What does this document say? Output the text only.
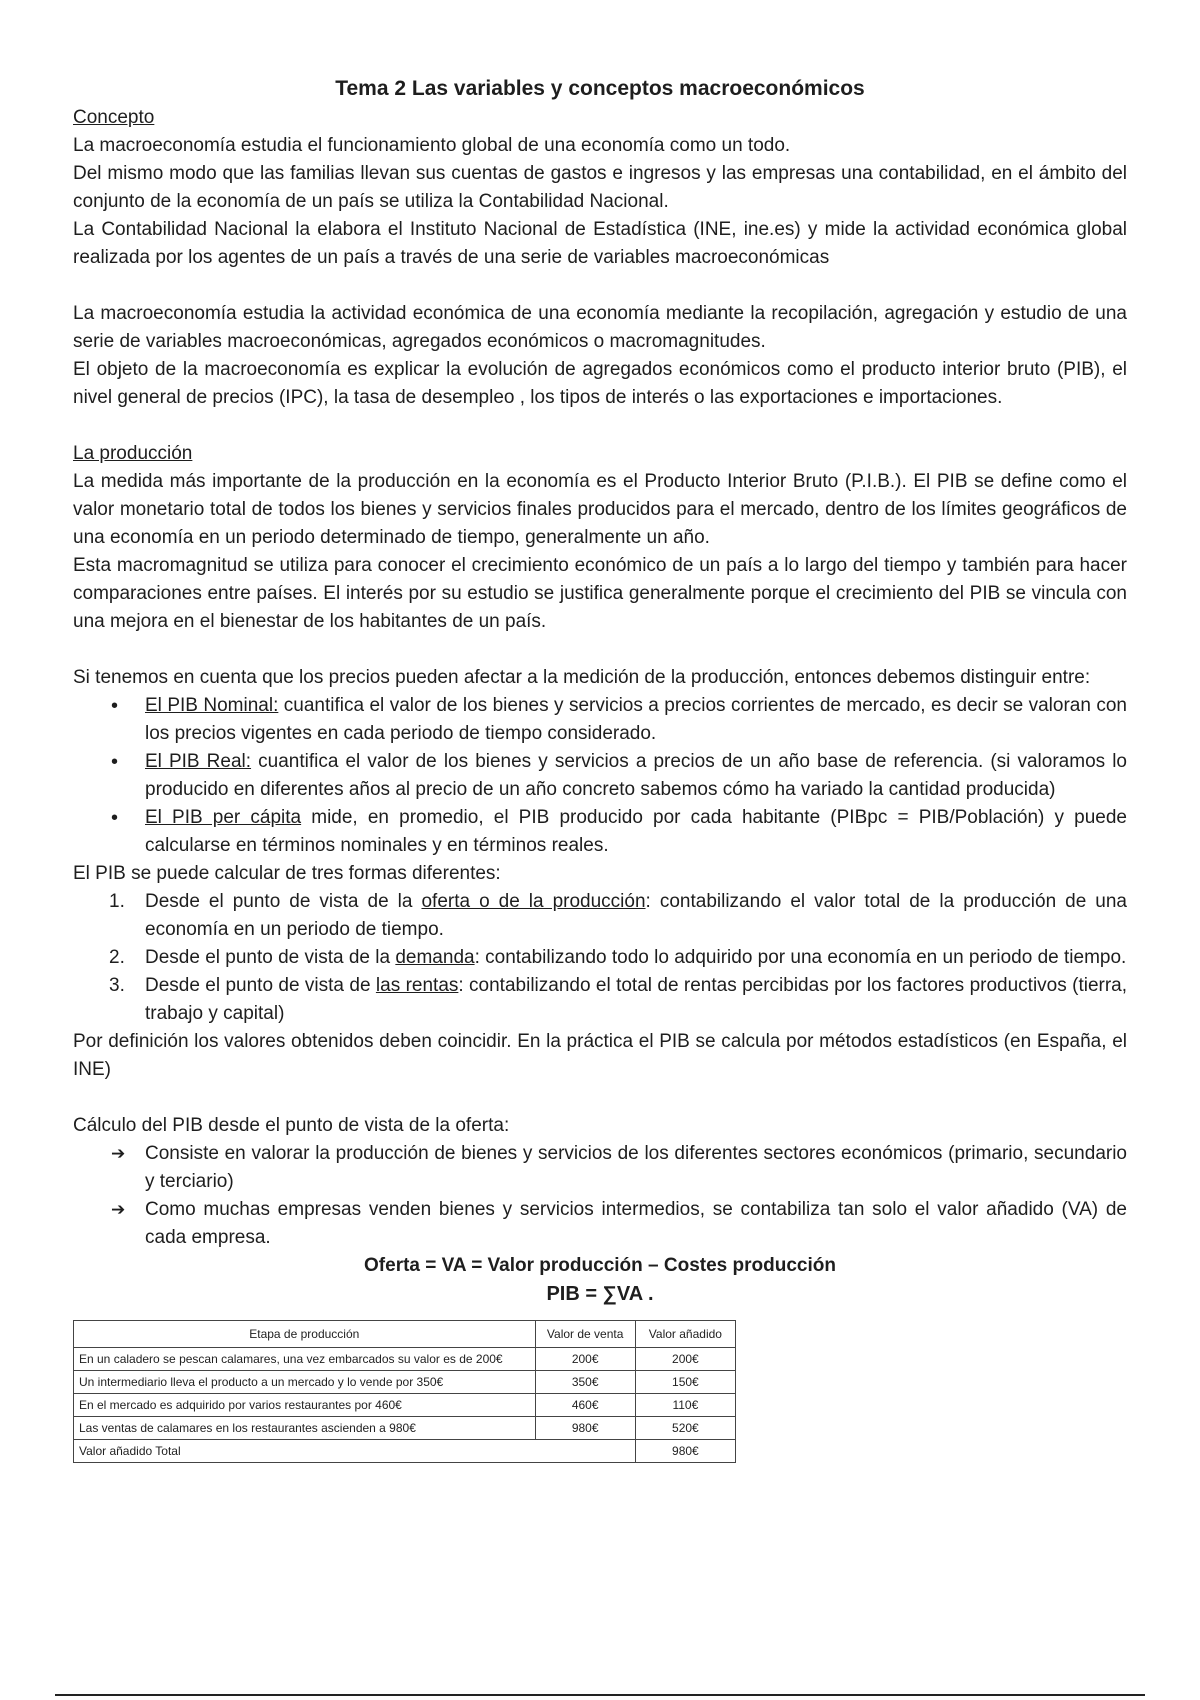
Tema 2 Las variables y conceptos macroeconómicos
Concepto

La macroeconomía estudia el funcionamiento global de una economía como un todo.

Del mismo modo que las familias llevan sus cuentas de gastos e ingresos y las empresas una contabilidad, en el ámbito del conjunto de la economía de un país se utiliza la Contabilidad Nacional.

La Contabilidad Nacional la elabora el Instituto Nacional de Estadística (INE, ine.es) y mide la actividad económica global realizada por los agentes de un país a través de una serie de variables macroeconómicas

La macroeconomía estudia la actividad económica de una economía mediante la recopilación, agregación y estudio de una serie de variables macroeconómicas, agregados económicos o macromagnitudes.

El objeto de la macroeconomía es explicar la evolución de agregados económicos como el producto interior bruto (PIB), el nivel general de precios (IPC), la tasa de desempleo , los tipos de interés o las exportaciones e importaciones.

La producción

La medida más importante de la producción en la economía es el Producto Interior Bruto (P.I.B.). El PIB se define como el valor monetario total de todos los bienes y servicios finales producidos para el mercado, dentro de los límites geográficos de una economía en un periodo determinado de tiempo, generalmente un año.

Esta macromagnitud se utiliza para conocer el crecimiento económico de un país a lo largo del tiempo y también para hacer comparaciones entre países. El interés por su estudio se justifica generalmente porque el crecimiento del PIB se vincula con una mejora en el bienestar de los habitantes de un país.

Si tenemos en cuenta que los precios pueden afectar a la medición de la producción, entonces debemos distinguir entre:

• El PIB Nominal: cuantifica el valor de los bienes y servicios a precios corrientes de mercado, es decir se valoran con los precios vigentes en cada periodo de tiempo considerado.
• El PIB Real: cuantifica el valor de los bienes y servicios a precios de un año base de referencia. (si valoramos lo producido en diferentes años al precio de un año concreto sabemos cómo ha variado la cantidad producida)
• El PIB per cápita mide, en promedio, el PIB producido por cada habitante (PIBpc = PIB/Población) y puede calcularse en términos nominales y en términos reales.

El PIB se puede calcular de tres formas diferentes:

1. Desde el punto de vista de la oferta o de la producción: contabilizando el valor total de la producción de una economía en un periodo de tiempo.
2. Desde el punto de vista de la demanda: contabilizando todo lo adquirido por una economía en un periodo de tiempo.
3. Desde el punto de vista de las rentas: contabilizando el total de rentas percibidas por los factores productivos (tierra, trabajo y capital)

Por definición los valores obtenidos deben coincidir. En la práctica el PIB se calcula por métodos estadísticos (en España, el INE)

Cálculo del PIB desde el punto de vista de la oferta:

➔ Consiste en valorar la producción de bienes y servicios de los diferentes sectores económicos (primario, secundario y terciario)
➔ Como muchas empresas venden bienes y servicios intermedios, se contabiliza tan solo el valor añadido (VA) de cada empresa.

Oferta = VA = Valor producción – Costes producción

PIB = ∑VA .

Etapa de producción	Valor de venta	Valor añadido
En un caladero se pescan calamares, una vez embarcados su valor es de 200€	200€	200€
Un intermediario lleva el producto a un mercado y lo vende por 350€	350€	150€
En el mercado es adquirido por varios restaurantes por 460€	460€	110€
Las ventas de calamares en los restaurantes ascienden a 980€	980€	520€
Valor añadido Total		980€
